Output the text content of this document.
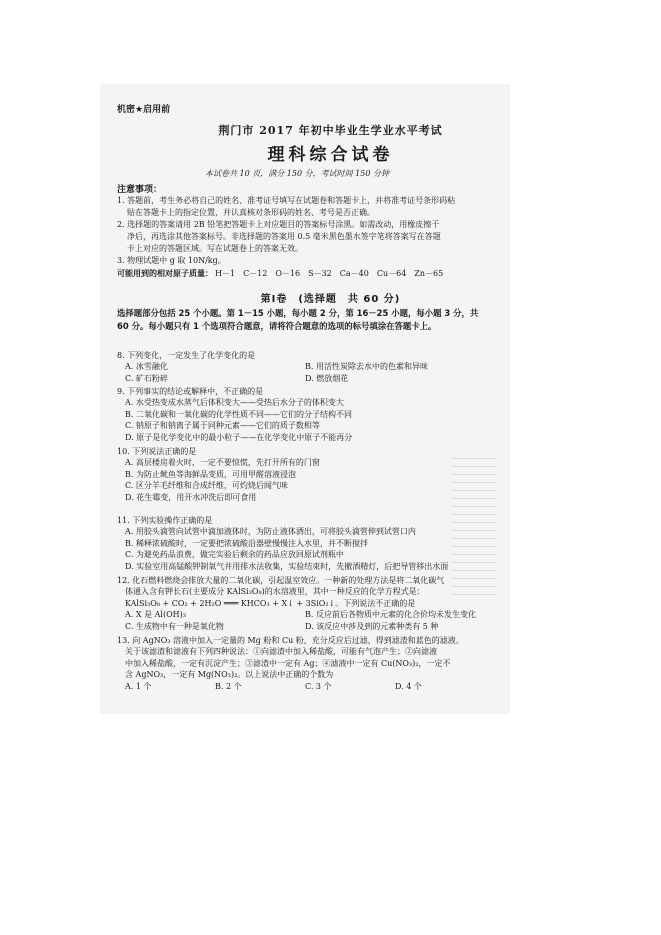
机密★启用前
荆门市 2017 年初中毕业生学业水平考试
理科综合试卷
本试卷共 10 页，满分 150 分，考试时间 150 分钟
注意事项：

1. 答题前，考生务必将自己的姓名、准考证号填写在试题卷和答题卡上，并将准考证号条形码粘

贴在答题卡上的指定位置，并认真核对条形码的姓名、考号是否正确。

2. 选择题的答案请用 2B 铅笔把答题卡上对应题目的答案标号涂黑。如需改动，用橡皮擦干

净后，再选涂其他答案标号。非选择题的答案用 0.5 毫米黑色墨水签字笔将答案写在答题

卡上对应的答题区域。写在试题卷上的答案无效。

3. 物理试题中 g 取 10N/kg。

可能用到的相对原子质量： H－1　C－12　O－16　S－32　Ca－40　Cu－64　Zn－65
第Ⅰ卷　(选择题　共 60 分)

选择题部分包括 25 个小题。第 1－15 小题，每小题 2 分，第 16－25 小题，每小题 3 分，共

60 分。每小题只有 1 个选项符合题意，请将符合题意的选项的标号填涂在答题卡上。

8. 下列变化，一定发生了化学变化的是

A. 冰雪融化	B. 用活性炭除去水中的色素和异味
C. 矿石粉碎	D. 燃放烟花

9. 下列事实的结论或解释中，不正确的是

A. 水受热变成水蒸气后体积变大——受热后水分子的体积变大

B. 二氧化碳和一氧化碳的化学性质不同——它们的分子结构不同

C. 钠原子和钠离子属于同种元素——它们的质子数相等

D. 原子是化学变化中的最小粒子——在化学变化中原子不能再分

10. 下列说法正确的是

A. 高层楼房着火时，一定不要惊慌，先打开所有的门窗

B. 为防止鱿鱼等海鲜品变质，可用甲醛溶液浸泡

C. 区分羊毛纤维和合成纤维，可灼烧后闻气味

D. 花生霉变，用开水冲洗后即可食用

11. 下列实验操作正确的是

A. 用胶头滴管向试管中滴加液体时，为防止液体洒出，可将胶头滴管伸到试管口内

B. 稀释浓硫酸时，一定要把浓硫酸沿器壁慢慢注入水里，并不断搅拌

C. 为避免药品浪费，做完实验后剩余的药品应放回原试剂瓶中

D. 实验室用高锰酸钾制氧气并用排水法收集，实验结束时，先撤酒精灯，后把导管移出水面

12. 化石燃料燃烧会排放大量的二氧化碳，引起温室效应。一种新的处理方法是将二氧化碳气

体通入含有钾长石(主要成分 KAlSi₃O₈)的水溶液里，其中一种反应的化学方程式是：

KAlSi₃O₈ + CO₂ + 2H₂O ═══ KHCO₃ + X↓ + 3SiO₂↓。下列说法不正确的是

A. X 是 Al(OH)₃	B. 反应前后各物质中元素的化合价均未发生变化
C. 生成物中有一种是氧化物	D. 该反应中涉及到的元素种类有 5 种

13. 向 AgNO₃ 溶液中加入一定量的 Mg 粉和 Cu 粉，充分反应后过滤，得到滤渣和蓝色的滤液。

关于该滤渣和滤液有下列四种说法：①向滤渣中加入稀盐酸，可能有气泡产生；②向滤液

中加入稀盐酸，一定有沉淀产生；③滤渣中一定有 Ag；④滤液中一定有 Cu(NO₃)₂，一定不

含 AgNO₃，一定有 Mg(NO₃)₂。以上说法中正确的个数为

A. 1 个	B. 2 个	C. 3 个	D. 4 个
